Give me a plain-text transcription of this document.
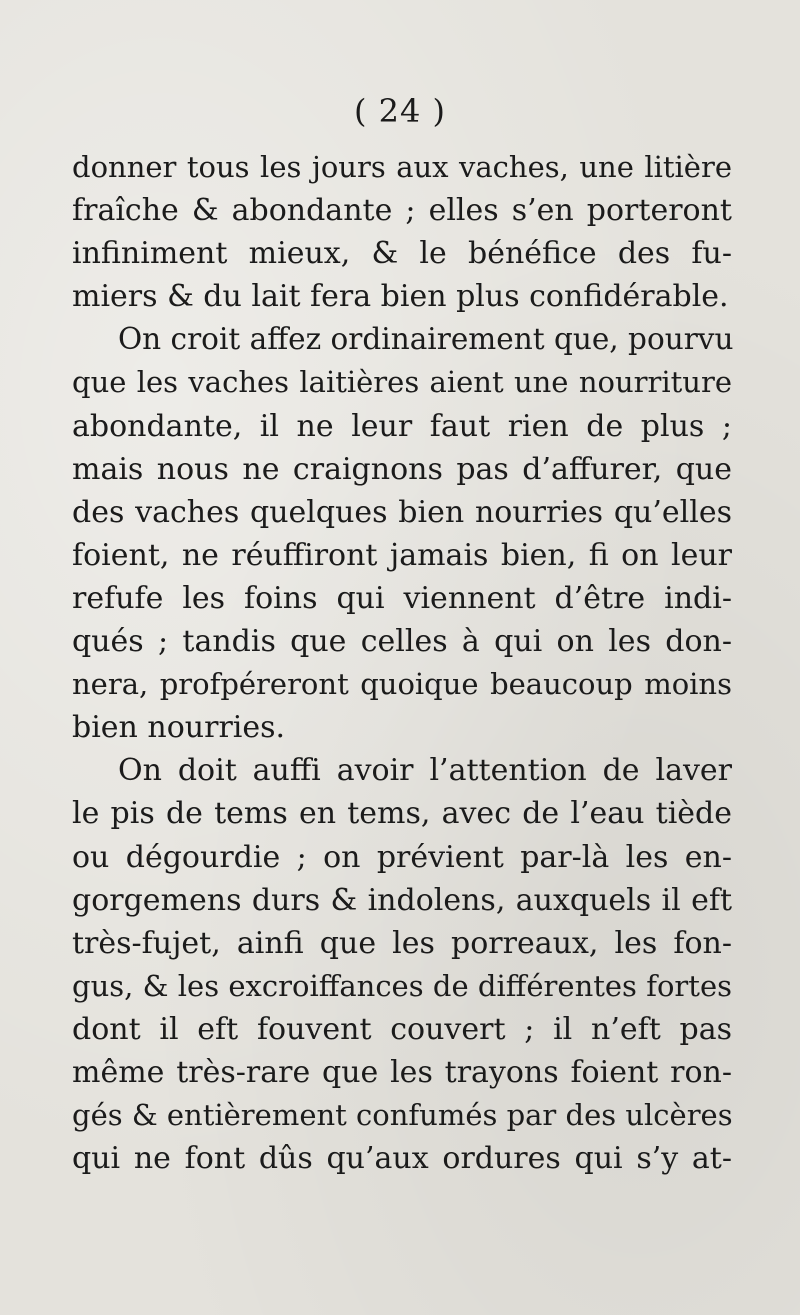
( 24 )
donner tous les jours aux vaches, une litière
fraîche & abondante ; elles s’en porteront
infiniment mieux, & le bénéfice des fu-
miers & du lait fera bien plus confidérable.
On croit affez ordinairement que, pourvu
que les vaches laitières aient une nourriture
abondante, il ne leur faut rien de plus ;
mais nous ne craignons pas d’affurer, que
des vaches quelques bien nourries qu’elles
foient, ne réuffiront jamais bien, fi on leur
refufe les foins qui viennent d’être indi-
qués ; tandis que celles à qui on les don-
nera, profpéreront quoique beaucoup moins
bien nourries.
On doit auffi avoir l’attention de laver
le pis de tems en tems, avec de l’eau tiède
ou dégourdie ; on prévient par-là les en-
gorgemens durs & indolens, auxquels il eft
très-fujet, ainfi que les porreaux, les fon-
gus, & les excroiffances de différentes fortes
dont il eft fouvent couvert ; il n’eft pas
même très-rare que les trayons foient ron-
gés & entièrement confumés par des ulcères
qui ne font dûs qu’aux ordures qui s’y at-
